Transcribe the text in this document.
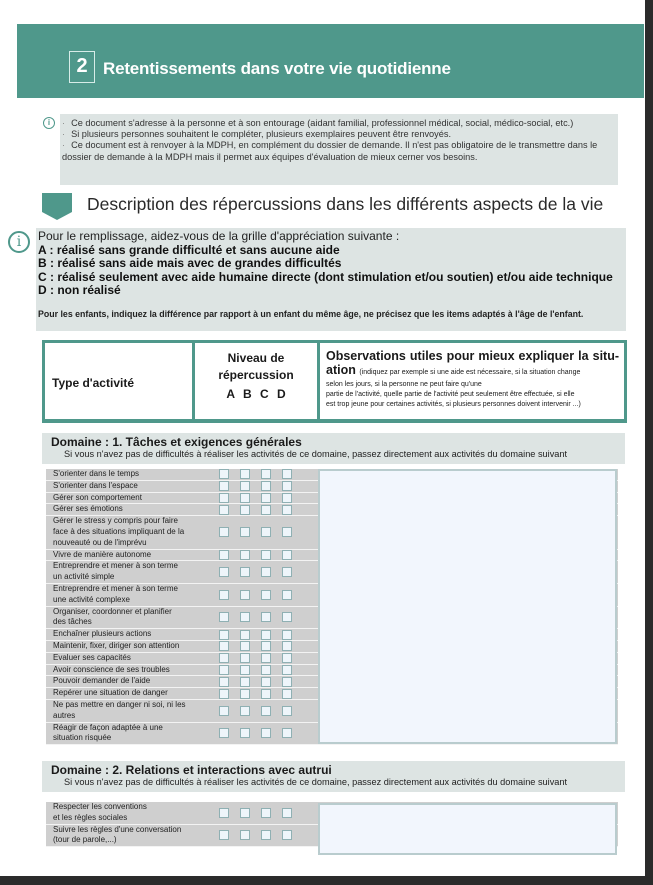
2 Retentissements dans votre vie quotidienne
i	· Ce document s'adresse à la personne et à son entourage (aidant familial, professionnel médical, social, médico-social, etc.)
· Si plusieurs personnes souhaitent le compléter, plusieurs exemplaires peuvent être renvoyés.
· Ce document est à renvoyer à la MDPH, en complément du dossier de demande. Il n'est pas obligatoire de le transmettre dans le dossier de demande à la MDPH mais il permet aux équipes d'évaluation de mieux cerner vos besoins.
Description des répercussions dans les différents aspects de la vie
i	Pour le remplissage, aidez-vous de la grille d'appréciation suivante :
A : réalisé sans grande difficulté et sans aucune aide
B : réalisé sans aide mais avec de grandes difficultés
C : réalisé seulement avec aide humaine directe (dont stimulation et/ou soutien) et/ou aide technique
D : non réalisé
Pour les enfants, indiquez la différence par rapport à un enfant du même âge, ne précisez que les items adaptés à l'âge de l'enfant.
Type d'activité
Niveau de
répercussion
A B C D
Observations utiles pour mieux expliquer la situ-ation (indiquez par exemple si une aide est nécessaire, si la situation change
selon les jours, si la personne ne peut faire qu'une
partie de l'activité, quelle partie de l'activité peut seulement être effectuée, si elle
est trop jeune pour certaines activités, si plusieurs personnes doivent intervenir ...)
Domaine : 1. Tâches et exigences générales
Si vous n'avez pas de difficultés à réaliser les activités de ce domaine, passez directement aux activités du domaine suivant
S'orienter dans le temps
S'orienter dans l'espace
Gérer son comportement
Gérer ses émotions
Gérer le stress y compris pour faire
face à des situations impliquant de la
nouveauté ou de l'imprévu
Vivre de manière autonome
Entreprendre et mener à son terme
un activité simple
Entreprendre et mener à son terme
une activité complexe
Organiser, coordonner et planifier
des tâches
Enchaîner plusieurs actions
Maintenir, fixer, diriger son attention
Evaluer ses capacités
Avoir conscience de ses troubles
Pouvoir demander de l'aide
Repérer une situation de danger
Ne pas mettre en danger ni soi, ni les
autres
Réagir de façon adaptée à une
situation risquée
Domaine : 2. Relations et interactions avec autrui
Si vous n'avez pas de difficultés à réaliser les activités de ce domaine, passez directement aux activités du domaine suivant
Respecter les conventions
et les règles sociales
Suivre les règles d'une conversation
(tour de parole,...)
